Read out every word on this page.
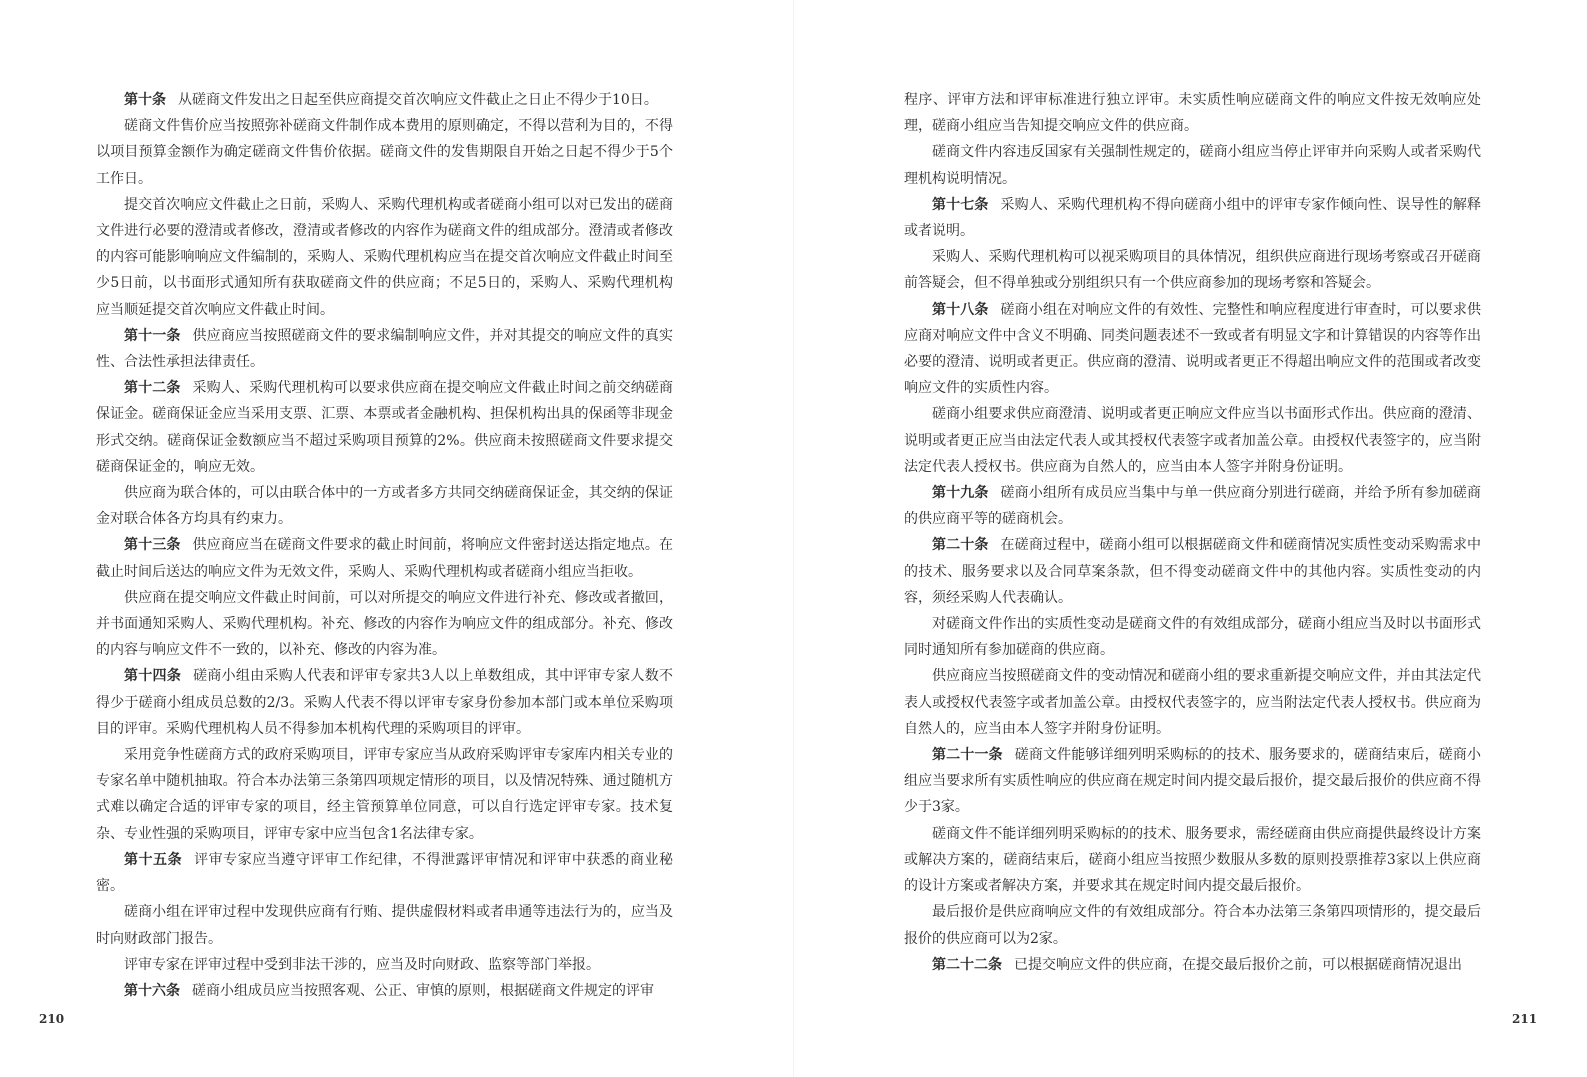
第十条 从磋商文件发出之日起至供应商提交首次响应文件截止之日止不得少于10日。

磋商文件售价应当按照弥补磋商文件制作成本费用的原则确定，不得以营利为目的，不得以项目预算金额作为确定磋商文件售价依据。磋商文件的发售期限自开始之日起不得少于5个工作日。

提交首次响应文件截止之日前，采购人、采购代理机构或者磋商小组可以对已发出的磋商文件进行必要的澄清或者修改，澄清或者修改的内容作为磋商文件的组成部分。澄清或者修改的内容可能影响响应文件编制的，采购人、采购代理机构应当在提交首次响应文件截止时间至少5日前，以书面形式通知所有获取磋商文件的供应商；不足5日的，采购人、采购代理机构应当顺延提交首次响应文件截止时间。

第十一条 供应商应当按照磋商文件的要求编制响应文件，并对其提交的响应文件的真实性、合法性承担法律责任。

第十二条 采购人、采购代理机构可以要求供应商在提交响应文件截止时间之前交纳磋商保证金。磋商保证金应当采用支票、汇票、本票或者金融机构、担保机构出具的保函等非现金形式交纳。磋商保证金数额应当不超过采购项目预算的2%。供应商未按照磋商文件要求提交磋商保证金的，响应无效。

供应商为联合体的，可以由联合体中的一方或者多方共同交纳磋商保证金，其交纳的保证金对联合体各方均具有约束力。

第十三条 供应商应当在磋商文件要求的截止时间前，将响应文件密封送达指定地点。在截止时间后送达的响应文件为无效文件，采购人、采购代理机构或者磋商小组应当拒收。

供应商在提交响应文件截止时间前，可以对所提交的响应文件进行补充、修改或者撤回，并书面通知采购人、采购代理机构。补充、修改的内容作为响应文件的组成部分。补充、修改的内容与响应文件不一致的，以补充、修改的内容为准。

第十四条 磋商小组由采购人代表和评审专家共3人以上单数组成，其中评审专家人数不得少于磋商小组成员总数的2/3。采购人代表不得以评审专家身份参加本部门或本单位采购项目的评审。采购代理机构人员不得参加本机构代理的采购项目的评审。

采用竞争性磋商方式的政府采购项目，评审专家应当从政府采购评审专家库内相关专业的专家名单中随机抽取。符合本办法第三条第四项规定情形的项目，以及情况特殊、通过随机方式难以确定合适的评审专家的项目，经主管预算单位同意，可以自行选定评审专家。技术复杂、专业性强的采购项目，评审专家中应当包含1名法律专家。

第十五条 评审专家应当遵守评审工作纪律，不得泄露评审情况和评审中获悉的商业秘密。

磋商小组在评审过程中发现供应商有行贿、提供虚假材料或者串通等违法行为的，应当及时向财政部门报告。

评审专家在评审过程中受到非法干涉的，应当及时向财政、监察等部门举报。

第十六条 磋商小组成员应当按照客观、公正、审慎的原则，根据磋商文件规定的评审

210

程序、评审方法和评审标准进行独立评审。未实质性响应磋商文件的响应文件按无效响应处理，磋商小组应当告知提交响应文件的供应商。

磋商文件内容违反国家有关强制性规定的，磋商小组应当停止评审并向采购人或者采购代理机构说明情况。

第十七条 采购人、采购代理机构不得向磋商小组中的评审专家作倾向性、误导性的解释或者说明。

采购人、采购代理机构可以视采购项目的具体情况，组织供应商进行现场考察或召开磋商前答疑会，但不得单独或分别组织只有一个供应商参加的现场考察和答疑会。

第十八条 磋商小组在对响应文件的有效性、完整性和响应程度进行审查时，可以要求供应商对响应文件中含义不明确、同类问题表述不一致或者有明显文字和计算错误的内容等作出必要的澄清、说明或者更正。供应商的澄清、说明或者更正不得超出响应文件的范围或者改变响应文件的实质性内容。

磋商小组要求供应商澄清、说明或者更正响应文件应当以书面形式作出。供应商的澄清、说明或者更正应当由法定代表人或其授权代表签字或者加盖公章。由授权代表签字的，应当附法定代表人授权书。供应商为自然人的，应当由本人签字并附身份证明。

第十九条 磋商小组所有成员应当集中与单一供应商分别进行磋商，并给予所有参加磋商的供应商平等的磋商机会。

第二十条 在磋商过程中，磋商小组可以根据磋商文件和磋商情况实质性变动采购需求中的技术、服务要求以及合同草案条款，但不得变动磋商文件中的其他内容。实质性变动的内容，须经采购人代表确认。

对磋商文件作出的实质性变动是磋商文件的有效组成部分，磋商小组应当及时以书面形式同时通知所有参加磋商的供应商。

供应商应当按照磋商文件的变动情况和磋商小组的要求重新提交响应文件，并由其法定代表人或授权代表签字或者加盖公章。由授权代表签字的，应当附法定代表人授权书。供应商为自然人的，应当由本人签字并附身份证明。

第二十一条 磋商文件能够详细列明采购标的的技术、服务要求的，磋商结束后，磋商小组应当要求所有实质性响应的供应商在规定时间内提交最后报价，提交最后报价的供应商不得少于3家。

磋商文件不能详细列明采购标的的技术、服务要求，需经磋商由供应商提供最终设计方案或解决方案的，磋商结束后，磋商小组应当按照少数服从多数的原则投票推荐3家以上供应商的设计方案或者解决方案，并要求其在规定时间内提交最后报价。

最后报价是供应商响应文件的有效组成部分。符合本办法第三条第四项情形的，提交最后报价的供应商可以为2家。

第二十二条 已提交响应文件的供应商，在提交最后报价之前，可以根据磋商情况退出

211
